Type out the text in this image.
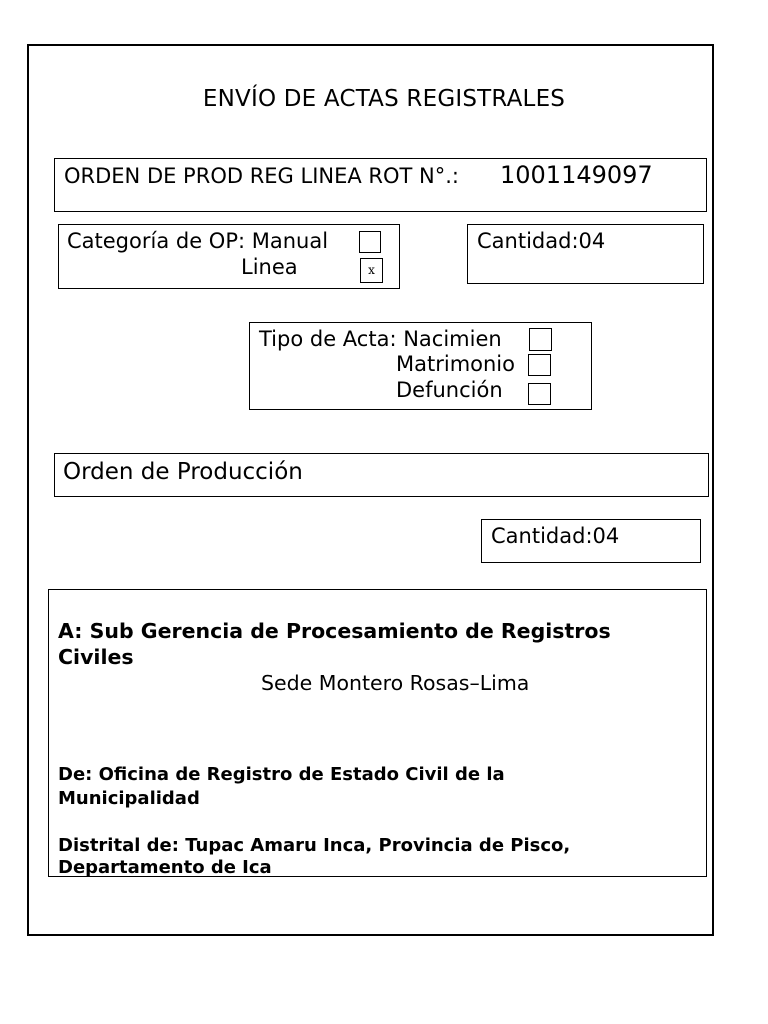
ENVÍO DE ACTAS REGISTRALES
ORDEN DE PROD REG LINEA ROT N°.: 1001149097
Categoría de OP: Manual
Linea	x
Cantidad:04
Tipo de Acta: Nacimien
Matrimonio
Defunción
Orden de Producción
Cantidad:04
A: Sub Gerencia de Procesamiento de Registros
Civiles
Sede Montero Rosas–Lima
De: Oficina de Registro de Estado Civil de la
Municipalidad
Distrital de: Tupac Amaru Inca, Provincia de Pisco,
Departamento de Ica
